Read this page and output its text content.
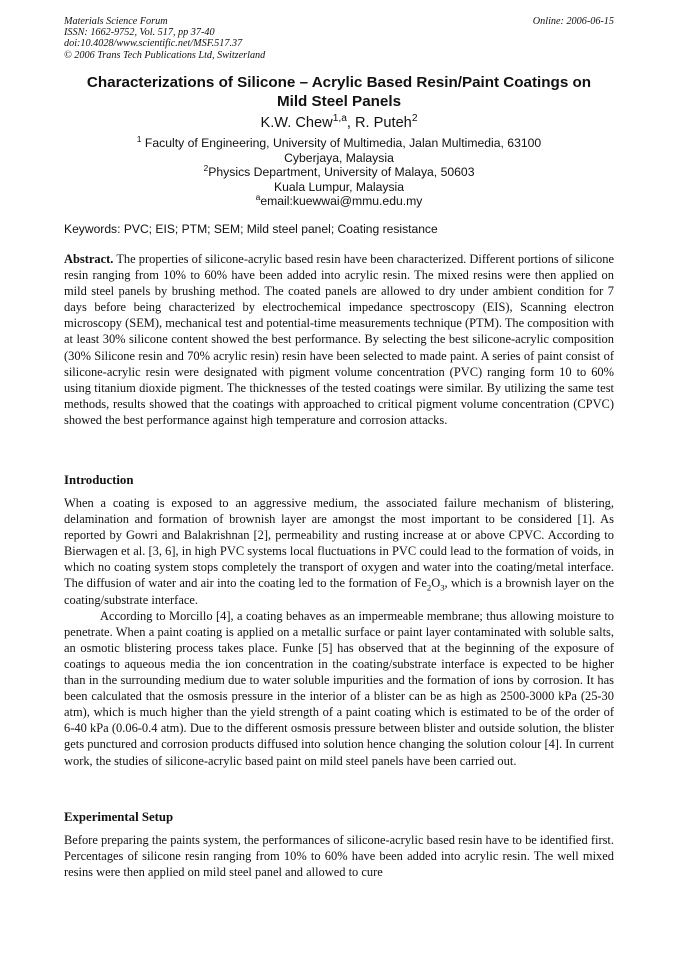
Materials Science Forum
ISSN: 1662-9752, Vol. 517, pp 37-40
doi:10.4028/www.scientific.net/MSF.517.37
© 2006 Trans Tech Publications Ltd, Switzerland
Online: 2006-06-15
Characterizations of Silicone – Acrylic Based Resin/Paint Coatings on
Mild Steel Panels
K.W. Chew$^{1,a}$, R. Puteh$^2$
$^1$ Faculty of Engineering, University of Multimedia, Jalan Multimedia, 63100
Cyberjaya, Malaysia
$^2$Physics Department, University of Malaya, 50603
Kuala Lumpur, Malaysia
$^a$email:kuewwai@mmu.edu.my
Keywords: PVC; EIS; PTM; SEM; Mild steel panel; Coating resistance

Abstract. The properties of silicone-acrylic based resin have been characterized. Different portions of silicone resin ranging from 10% to 60% have been added into acrylic resin. The mixed resins were then applied on mild steel panels by brushing method. The coated panels are allowed to dry under ambient condition for 7 days before being characterized by electrochemical impedance spectroscopy (EIS), Scanning electron microscopy (SEM), mechanical test and potential-time measurements technique (PTM). The composition with at least 30% silicone content showed the best performance. By selecting the best silicone-acrylic composition (30% Silicone resin and 70% acrylic resin) resin have been selected to made paint. A series of paint consist of silicone-acrylic resin were designated with pigment volume concentration (PVC) ranging form 10 to 60% using titanium dioxide pigment. The thicknesses of the tested coatings were similar. By utilizing the same test methods, results showed that the coatings with approached to critical pigment volume concentration (CPVC) showed the best performance against high temperature and corrosion attacks.

Introduction

When a coating is exposed to an aggressive medium, the associated failure mechanism of blistering, delamination and formation of brownish layer are amongst the most important to be considered [1]. As reported by Gowri and Balakrishnan [2], permeability and rusting increase at or above CPVC. According to Bierwagen et al. [3, 6], in high PVC systems local fluctuations in PVC could lead to the formation of voids, in which no coating system stops completely the transport of oxygen and water into the coating/metal interface. The diffusion of water and air into the coating led to the formation of $Fe_2O_3$, which is a brownish layer on the coating/substrate interface.

According to Morcillo [4], a coating behaves as an impermeable membrane; thus allowing moisture to penetrate. When a paint coating is applied on a metallic surface or paint layer contaminated with soluble salts, an osmotic blistering process takes place. Funke [5] has observed that at the beginning of the exposure of coatings to aqueous media the ion concentration in the coating/substrate interface is expected to be higher than in the surrounding medium due to water soluble impurities and the formation of ions by corrosion. It has been calculated that the osmosis pressure in the interior of a blister can be as high as 2500-3000 kPa (25-30 atm), which is much higher than the yield strength of a paint coating which is estimated to be of the order of 6-40 kPa (0.06-0.4 atm). Due to the different osmosis pressure between blister and outside solution, the blister gets punctured and corrosion products diffused into solution hence changing the solution colour [4]. In current work, the studies of silicone-acrylic based paint on mild steel panels have been carried out.

Experimental Setup

Before preparing the paints system, the performances of silicone-acrylic based resin have to be identified first. Percentages of silicone resin ranging from 10% to 60% have been added into acrylic resin. The well mixed resins were then applied on mild steel panel and allowed to cure
